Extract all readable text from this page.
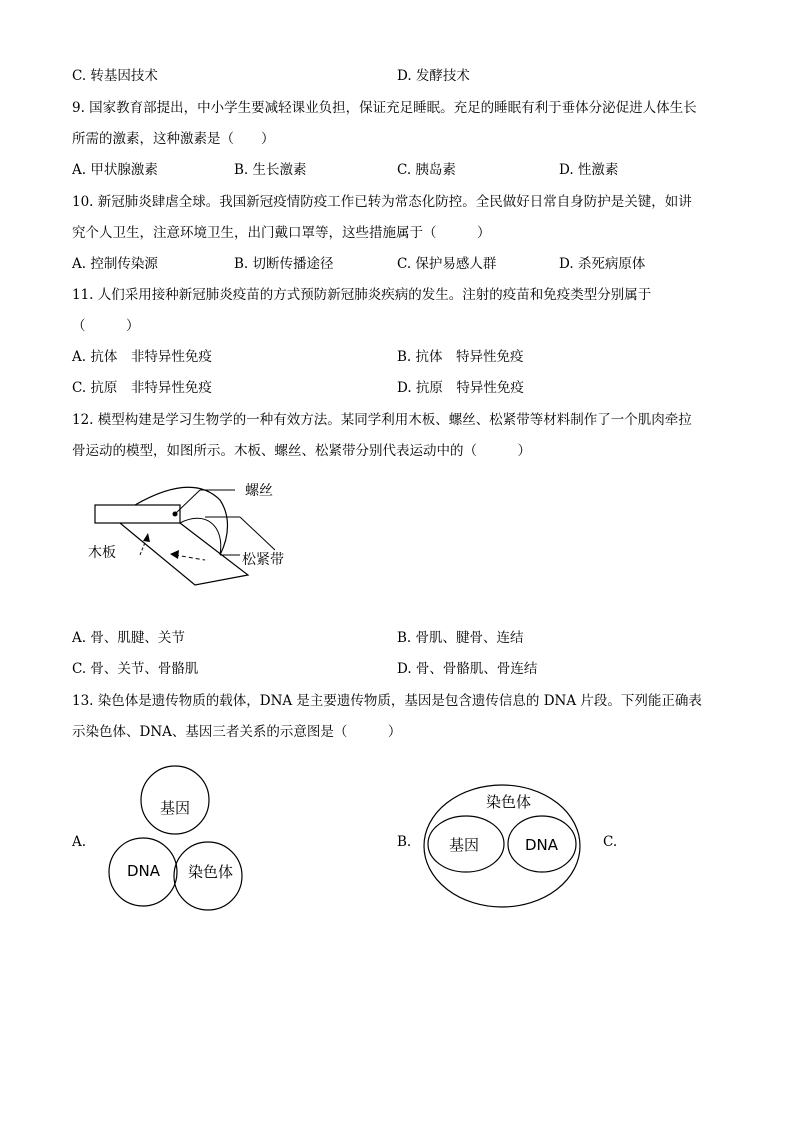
C. 转基因技术	D. 发酵技术
9. 国家教育部提出，中小学生要减轻课业负担，保证充足睡眠。充足的睡眠有利于垂体分泌促进人体生长
所需的激素，这种激素是（　　）
A. 甲状腺激素	B. 生长激素	C. 胰岛素	D. 性激素
10. 新冠肺炎肆虐全球。我国新冠疫情防疫工作已转为常态化防控。全民做好日常自身防护是关键，如讲
究个人卫生，注意环境卫生，出门戴口罩等，这些措施属于（　　　）
A. 控制传染源	B. 切断传播途径	C. 保护易感人群	D. 杀死病原体
11. 人们采用接种新冠肺炎疫苗的方式预防新冠肺炎疾病的发生。注射的疫苗和免疫类型分别属于
（　　　）
A. 抗体　非特异性免疫	B. 抗体　特异性免疫
C. 抗原　非特异性免疫	D. 抗原　特异性免疫
12. 模型构建是学习生物学的一种有效方法。某同学利用木板、螺丝、松紧带等材料制作了一个肌肉牵拉
骨运动的模型，如图所示。木板、螺丝、松紧带分别代表运动中的（　　　）
螺丝
木板	松紧带
A. 骨、肌腱、关节	B. 骨肌、腱骨、连结
C. 骨、关节、骨骼肌	D. 骨、骨骼肌、骨连结
13. 染色体是遗传物质的载体，DNA 是主要遗传物质，基因是包含遗传信息的 DNA 片段。下列能正确表
示染色体、DNA、基因三者关系的示意图是（　　　）
A.
基因
DNA 染色体
B.
染色体
基因	DNA	C.
